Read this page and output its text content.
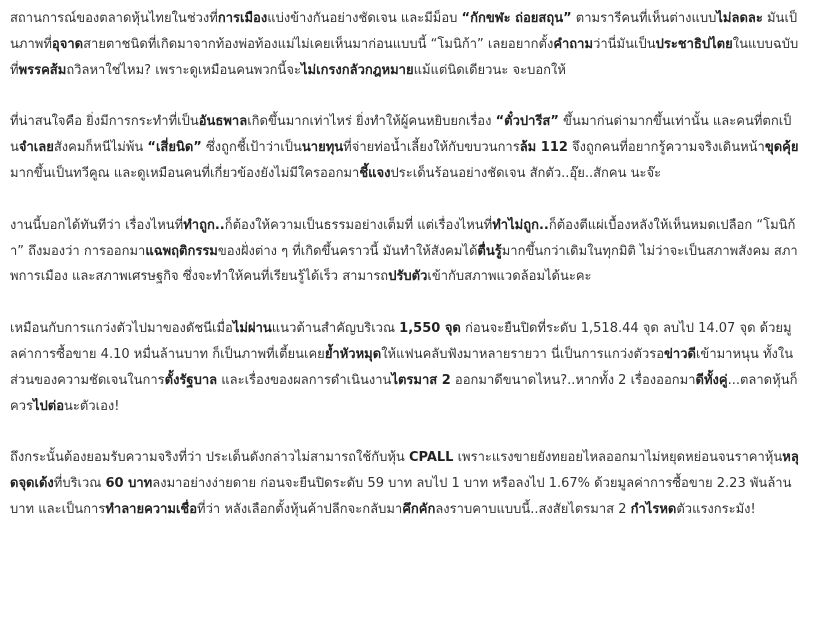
สถานการณ์ของตลาดหุ้นไทยในช่วงที่การเมืองแบ่งข้างกันอย่างชัดเจน และมีม็อบ “กักขฬะ ถ่อยสถุน” ตามรารีคนที่เห็นต่างแบบไม่ลดละ มันเป็นภาพที่อุจาดสายตาชนิดที่เกิดมาจากท้องพ่อท้องแม่ไม่เคยเห็นมาก่อนแบบนี้ “โมนิก้า” เลยอยากตั้งคำถามว่านี่มันเป็นประชาธิปไตยในแบบฉบับที่พรรคส้มถวิลหาใช่ไหม? เพราะดูเหมือนคนพวกนี้จะไม่เกรงกลัวกฎหมายแม้แต่นิดเดียวนะ จะบอกให้

ที่น่าสนใจคือ ยิ่งมีการกระทำที่เป็นอันธพาลเกิดขึ้นมากเท่าไหร่ ยิ่งทำให้ผู้คนหยิบยกเรื่อง “ตั๋วปารีส” ขึ้นมาก่นด่ามากขึ้นเท่านั้น และคนที่ตกเป็นจำเลยสังคมก็หนีไม่พ้น “เสี่ยนิด” ซึ่งถูกชี้เป้าว่าเป็นนายทุนที่จ่ายท่อน้ำเลี้ยงให้กับขบวนการล้ม 112 จึงถูกคนที่อยากรู้ความจริงเดินหน้าขุดคุ้ยมากขึ้นเป็นทวีคูณ และดูเหมือนคนที่เกี่ยวข้องยังไม่มีใครออกมาชี้แจงประเด็นร้อนอย่างชัดเจน สักตัว..อุ๊ย..สักคน นะจ๊ะ

งานนี้บอกได้ทันทีว่า เรื่องไหนที่ทำถูก..ก็ต้องให้ความเป็นธรรมอย่างเต็มที่ แต่เรื่องไหนที่ทำไม่ถูก..ก็ต้องตีแผ่เบื้องหลังให้เห็นหมดเปลือก “โมนิก้า” ถึงมองว่า การออกมาแฉพฤติกรรมของฝั่งต่าง ๆ ที่เกิดขึ้นคราวนี้ มันทำให้สังคมได้ตื่นรู้มากขึ้นกว่าเดิมในทุกมิติ ไม่ว่าจะเป็นสภาพสังคม สภาพการเมือง และสภาพเศรษฐกิจ ซึ่งจะทำให้คนที่เรียนรู้ได้เร็ว สามารถปรับตัวเข้ากับสภาพแวดล้อมได้นะคะ

เหมือนกับการแกว่งตัวไปมาของดัชนีเมื่อไม่ผ่านแนวต้านสำคัญบริเวณ 1,550 จุด ก่อนจะยืนปิดที่ระดับ 1,518.44 จุด ลบไป 14.07 จุด ด้วยมูลค่าการซื้อขาย 4.10 หมื่นล้านบาท ก็เป็นภาพที่เตี้ยนเคยย้ำหัวหมุดให้แฟนคลับฟังมาหลายรายวา นี่เป็นการแกว่งตัวรอข่าวดีเข้ามาหนุน ทั้งในส่วนของความชัดเจนในการตั้งรัฐบาล และเรื่องของผลการดำเนินงานไตรมาส 2 ออกมาดีขนาดไหน?..หากทั้ง 2 เรื่องออกมาดีทั้งคู่...ตลาดหุ้นก็ควรไปต่อนะตัวเอง!

ถึงกระนั้นต้องยอมรับความจริงที่ว่า ประเด็นดังกล่าวไม่สามารถใช้กับหุ้น CPALL เพราะแรงขายยังทยอยไหลออกมาไม่หยุดหย่อนจนราคาหุ้นหลุดจุดเด้งที่บริเวณ 60 บาทลงมาอย่างง่ายดาย ก่อนจะยืนปิดระดับ 59 บาท ลบไป 1 บาท หรือลงไป 1.67% ด้วยมูลค่าการซื้อขาย 2.23 พันล้านบาท และเป็นการทำลายความเชื่อที่ว่า หลังเลือกตั้งหุ้นค้าปลีกจะกลับมาคึกคักลงราบคาบแบบนี้..สงสัยไตรมาส 2 กำไรหดตัวแรงกระมัง!
